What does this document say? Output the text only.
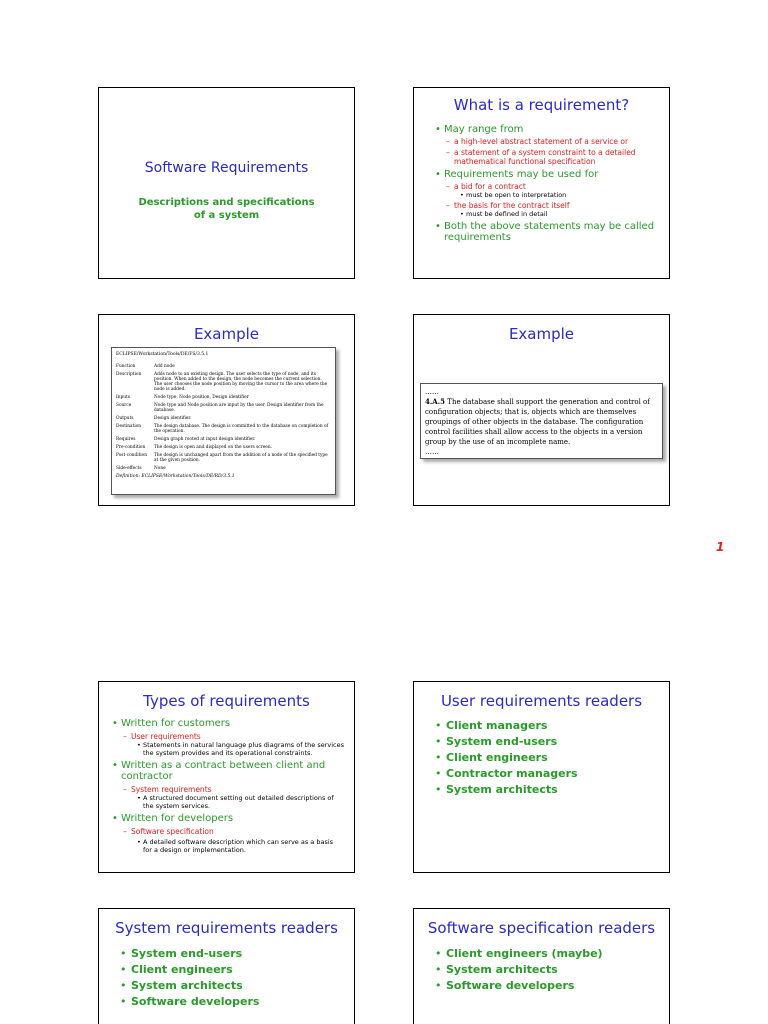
Software Requirements
Descriptions and specifications
of a system
What is a requirement?
• May range from
– a high-level abstract statement of a service or
– a statement of a system constraint to a detailed mathematical functional specification
• Requirements may be used for
– a bid for a contract
• must be open to interpretation
– the basis for the contract itself
• must be defined in detail
• Both the above statements may be called requirements
Example
ECLIPSE/Workstation/Tools/DE/FS/3.5.1
Function	Add node
Description	Adds node to an existing design. The user selects the type of node, and its position. When added to the design, the node becomes the current selection. The user chooses the node position by moving the cursor to the area where the node is added.
Inputs	Node type, Node position, Design identifier
Source	Node type and Node position are input by the user, Design identifier from the database.
Outputs	Design identifier.
Destination	The design database. The design is committed to the database on completion of the operation.
Requires	Design graph rooted at input design identifier.
Pre-condition	The design is open and displayed on the users screen.
Post-condition	The design is unchanged apart from the addition of a node of the specified type at the given position.
Side-effects	None
Definition: ECLIPSE/Workstation/Tools/DE/RD/3.5.1
Example
……
4.A.5 The database shall support the generation and control of configuration objects; that is, objects which are themselves groupings of other objects in the database. The configuration control facilities shall allow access to the objects in a version group by the use of an incomplete name.
……
1
Types of requirements
• Written for customers
– User requirements
• Statements in natural language plus diagrams of the services the system provides and its operational constraints.
• Written as a contract between client and contractor
– System requirements
• A structured document setting out detailed descriptions of the system services.
• Written for developers
– Software specification
• A detailed software description which can serve as a basis for a design or implementation.
User requirements readers
• Client managers
• System end-users
• Client engineers
• Contractor managers
• System architects
System requirements readers
• System end-users
• Client engineers
• System architects
• Software developers
Software specification readers
• Client engineers (maybe)
• System architects
• Software developers
